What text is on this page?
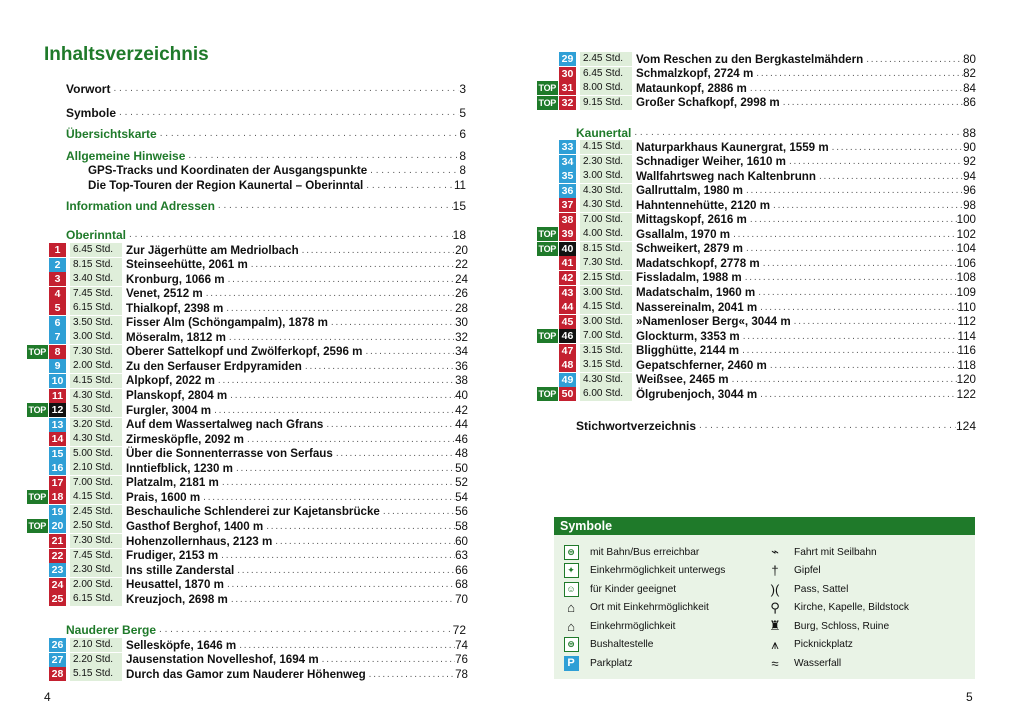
Inhaltsverzeichnis
Vorwort . . .	3
Symbole . . .	5
Übersichtskarte . . .	6
Allgemeine Hinweise . . .	8
GPS-Tracks und Koordinaten der Ausgangspunkte . . .	8
Die Top-Touren der Region Kaunertal – Oberinntal . . .	11
Information und Adressen . . .	15
Oberinntal . . .	18
1	6.45 Std.	Zur Jägerhütte am Medriolbach . . .	20
2	8.15 Std.	Steinseehütte, 2061 m . . .	22
3	3.40 Std.	Kronburg, 1066 m . . .	24
4	7.45 Std.	Venet, 2512 m . . .	26
5	6.15 Std.	Thialkopf, 2398 m . . .	28
6	3.50 Std.	Fisser Alm (Schöngampalm), 1878 m . . .	30
7	3.00 Std.	Möseralm, 1812 m . . .	32
TOP 8	7.30 Std.	Oberer Sattelkopf und Zwölferkopf, 2596 m . . .	34
9	2.00 Std.	Zu den Serfauser Erdpyramiden . . .	36
10 4.15 Std.	Alpkopf, 2022 m . . .	38
11 4.30 Std.	Planskopf, 2804 m . . .	40
TOP 12 5.30 Std.	Furgler, 3004 m . . .	42
13 3.20 Std.	Auf dem Wassertalweg nach Gfrans . . .	44
14 4.30 Std.	Zirmesköpfle, 2092 m . . .	46
15 5.00 Std.	Über die Sonnenterrasse von Serfaus . . .	48
16 2.10 Std.	Inntiefblick, 1230 m . . .	50
17 7.00 Std.	Platzalm, 2181 m . . .	52
TOP 18 4.15 Std.	Prais, 1600 m . . .	54
19 2.45 Std.	Beschauliche Schlenderei zur Kajetansbrücke . . .	56
TOP 20 2.50 Std.	Gasthof Berghof, 1400 m . . .	58
21 7.30 Std.	Hohenzollernhaus, 2123 m . . .	60
22 7.45 Std.	Frudiger, 2153 m . . .	63
23 2.30 Std.	Ins stille Zanderstal . . .	66
24 2.00 Std.	Heusattel, 1870 m . . .	68
25 6.15 Std.	Kreuzjoch, 2698 m . . .	70
Nauderer Berge . . .	72
26 2.10 Std.	Sellesköpfe, 1646 m . . .	74
27 2.20 Std.	Jausenstation Novelleshof, 1694 m . . .	76
28 5.15 Std.	Durch das Gamor zum Nauderer Höhenweg . . .	78
4
29 2.45 Std.	Vom Reschen zu den Bergkastelmähdern . . .	80
30 6.45 Std.	Schmalzkopf, 2724 m . . .	82
TOP 31 8.00 Std.	Mataunkopf, 2886 m . . .	84
TOP 32 9.15 Std.	Großer Schafkopf, 2998 m . . .	86
Kaunertal . . .	88
33 4.15 Std.	Naturparkhaus Kaunergrat, 1559 m . . .	90
34 2.30 Std.	Schnadiger Weiher, 1610 m . . .	92
35 3.00 Std.	Wallfahrtsweg nach Kaltenbrunn . . .	94
36 4.30 Std.	Gallruttalm, 1980 m . . .	96
37 4.30 Std.	Hahntennehütte, 2120 m . . .	98
38 7.00 Std.	Mittagskopf, 2616 m . . .	100
TOP 39 4.00 Std.	Gsallalm, 1970 m . . .	102
TOP 40 8.15 Std.	Schweikert, 2879 m . . .	104
41 7.30 Std.	Madatschkopf, 2778 m . . .	106
42 2.15 Std.	Fissladalm, 1988 m . . .	108
43 3.00 Std.	Madatschalm, 1960 m . . .	109
44 4.15 Std.	Nassereinalm, 2041 m . . .	110
45 3.00 Std.	»Namenloser Berg«, 3044 m . . .	112
TOP 46 7.00 Std.	Glockturm, 3353 m . . .	114
47 3.15 Std.	Bligghütte, 2144 m . . .	116
48 3.15 Std.	Gepatschferner, 2460 m . . .	118
49 4.30 Std.	Weißsee, 2465 m . . .	120
TOP 50 6.00 Std.	Ölgrubenjoch, 3044 m . . .	122
Stichwortverzeichnis . . .	124
5
Symbole
⊜	mit Bahn/Bus erreichbar
✦	Einkehrmöglichkeit unterwegs
☺ für Kinder geeignet
⌂ Ort mit Einkehrmöglichkeit
⌂ Einkehrmöglichkeit
⊜	Bushaltestelle
P	Parkplatz
⌁ Fahrt mit Seilbahn
† Gipfel
)( Pass, Sattel
⚲ Kirche, Kapelle, Bildstock
♜ Burg, Schloss, Ruine
⩚ Picknickplatz
≈ Wasserfall
